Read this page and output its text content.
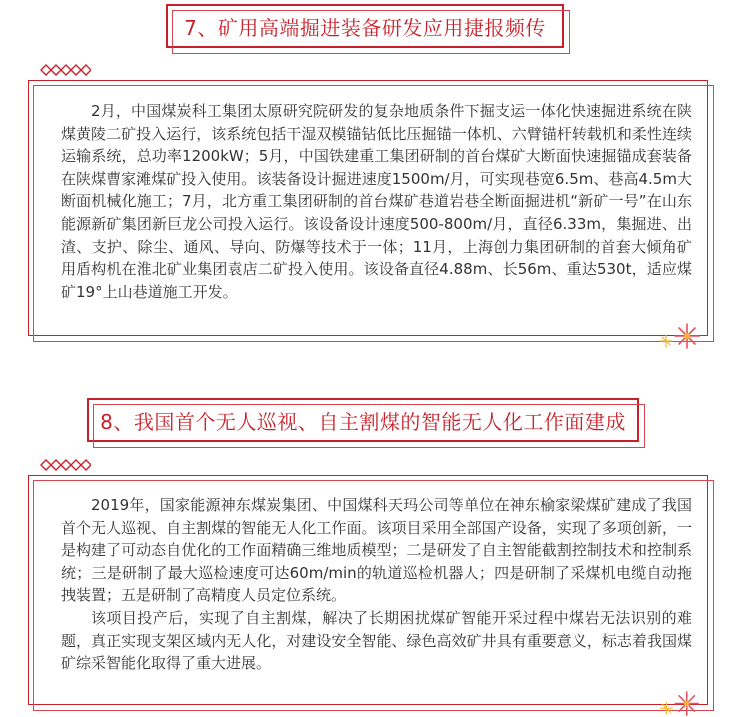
7、矿用高端掘进装备研发应用捷报频传

2月，中国煤炭科工集团太原研究院研发的复杂地质条件下掘支运一体化快速掘进系统在陕煤黄陵二矿投入运行，该系统包括干湿双模锚钻低比压掘锚一体机、六臂锚杆转载机和柔性连续运输系统，总功率1200kW；5月，中国铁建重工集团研制的首台煤矿大断面快速掘锚成套装备在陕煤曹家滩煤矿投入使用。该装备设计掘进速度1500m/月，可实现巷宽6.5m、巷高4.5m大断面机械化施工；7月，北方重工集团研制的首台煤矿巷道岩巷全断面掘进机“新矿一号”在山东能源新矿集团新巨龙公司投入运行。该设备设计速度500-800m/月，直径6.33m，集掘进、出渣、支护、除尘、通风、导向、防爆等技术于一体；11月，上海创力集团研制的首套大倾角矿用盾构机在淮北矿业集团袁店二矿投入使用。该设备直径4.88m、长56m、重达530t，适应煤矿19°上山巷道施工开发。

8、我国首个无人巡视、自主割煤的智能无人化工作面建成

2019年，国家能源神东煤炭集团、中国煤科天玛公司等单位在神东榆家梁煤矿建成了我国首个无人巡视、自主割煤的智能无人化工作面。该项目采用全部国产设备，实现了多项创新，一是构建了可动态自优化的工作面精确三维地质模型；二是研发了自主智能截割控制技术和控制系统；三是研制了最大巡检速度可达60m/min的轨道巡检机器人；四是研制了采煤机电缆自动拖拽装置；五是研制了高精度人员定位系统。

该项目投产后，实现了自主割煤，解决了长期困扰煤矿智能开采过程中煤岩无法识别的难题，真正实现支架区域内无人化，对建设安全智能、绿色高效矿井具有重要意义，标志着我国煤矿综采智能化取得了重大进展。
